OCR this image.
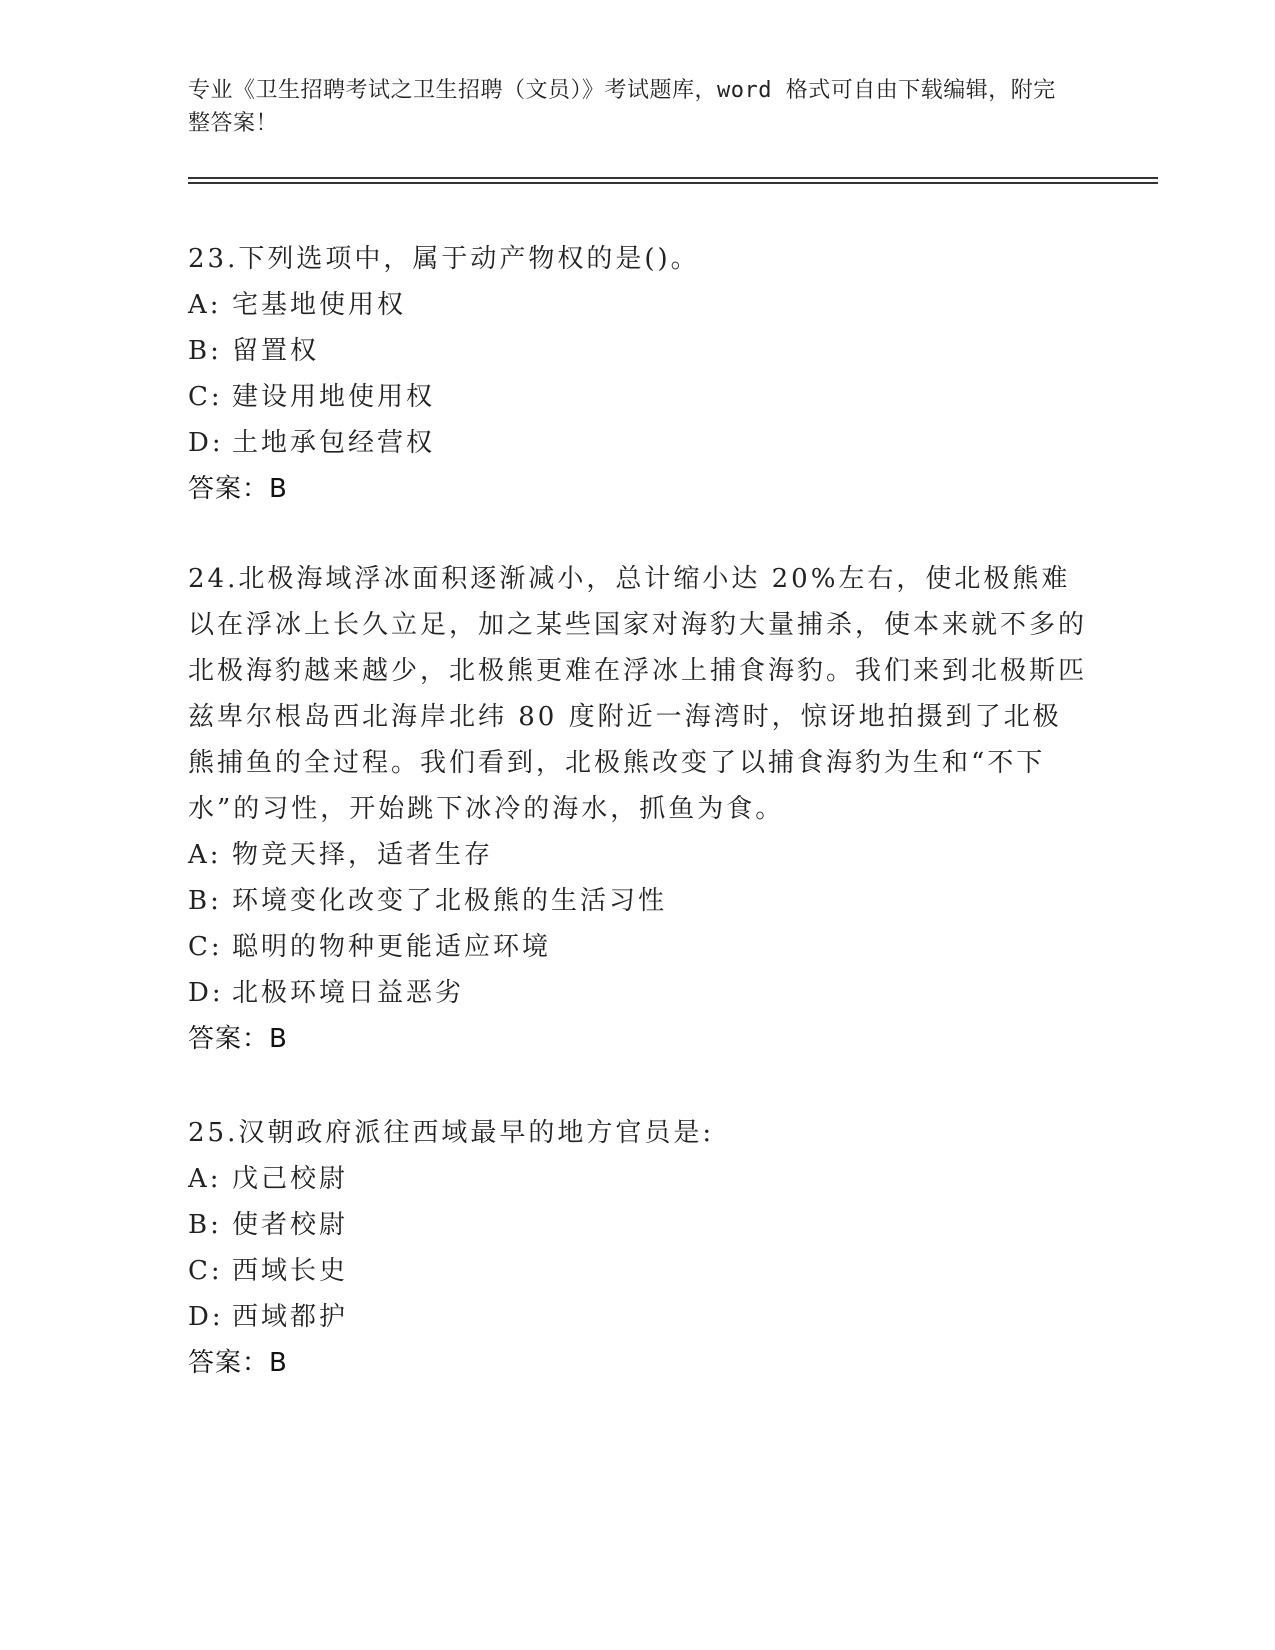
专业《卫生招聘考试之卫生招聘（文员）》考试题库，word 格式可自由下载编辑，附完整答案！

23.下列选项中，属于动产物权的是()。

A: 宅基地使用权

B: 留置权

C: 建设用地使用权

D: 土地承包经营权

答案：B

24.北极海域浮冰面积逐渐减小，总计缩小达 20%左右，使北极熊难以在浮冰上长久立足，加之某些国家对海豹大量捕杀，使本来就不多的北极海豹越来越少，北极熊更难在浮冰上捕食海豹。我们来到北极斯匹兹卑尔根岛西北海岸北纬 80 度附近一海湾时，惊讶地拍摄到了北极熊捕鱼的全过程。我们看到，北极熊改变了以捕食海豹为生和“不下水”的习性，开始跳下冰冷的海水，抓鱼为食。

A: 物竞天择，适者生存

B: 环境变化改变了北极熊的生活习性

C: 聪明的物种更能适应环境

D: 北极环境日益恶劣

答案：B

25.汉朝政府派往西域最早的地方官员是:

A: 戊己校尉

B: 使者校尉

C: 西域长史

D: 西域都护

答案：B
